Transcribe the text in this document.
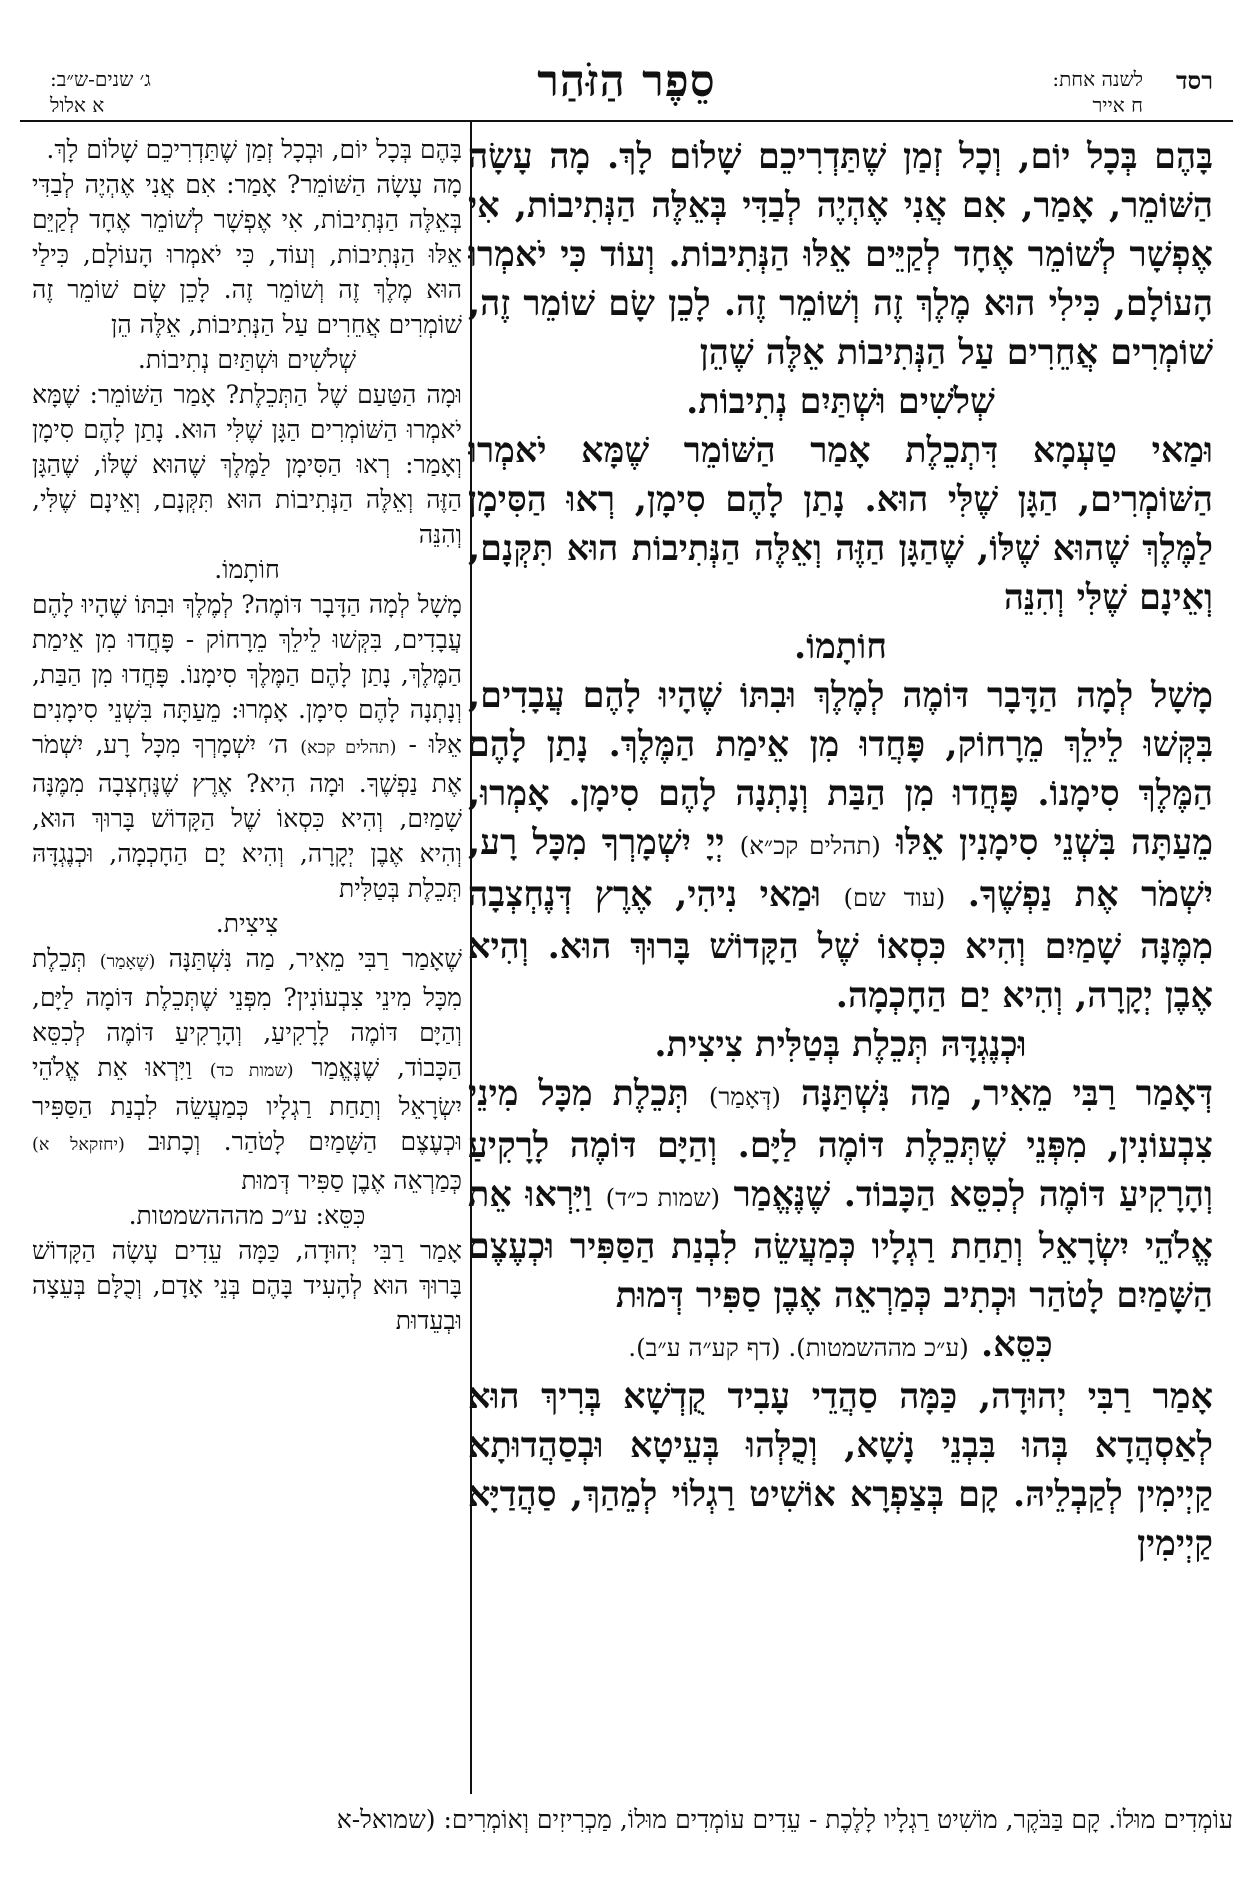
רסד
לשנה אחת:
ח אייר
סֵפֶר הַזֹּהַר
ג׳ שנים-ש״ב:
א אלול

בָּהֶם בְּכָל יוֹם, וְכָל זְמַן שֶׁתַּדְרִיכֵם שָׁלוֹם לָךְ. מָה עָשָׂה הַשּׁוֹמֵר, אָמַר, אִם אֲנִי אֶהְיֶה לְבַדִּי בְּאֵלֶּה הַנְּתִיבוֹת, אִי אֶפְשָׁר לְשׁוֹמֵר אֶחָד לְקַיֵּים אֵלּוּ הַנְּתִיבוֹת. וְעוֹד כִּי יֹאמְרוּ הָעוֹלָם, כִּילִי הוּא מֶלֶךְ זֶה וְשׁוֹמֵר זֶה. לָכֵן שָׂם שׁוֹמֵר זֶה, שׁוֹמְרִים אֲחֵרִים עַל הַנְּתִיבוֹת אֵלֶּה שֶׁהֵן

שְׁלֹשִׁים וּשְׁתַּיִם נְתִיבוֹת.

וּמַאי טַעְמָא דִּתְכֵלֶת אָמַר הַשּׁוֹמֵר שֶׁמָּא יֹאמְרוּ הַשּׁוֹמְרִים, הַגָּן שֶׁלִּי הוּא. נָתַן לָהֶם סִימָן, רְאוּ הַסִּימָן לַמֶּלֶךְ שֶׁהוּא שֶׁלּוֹ, שֶׁהַגָּן הַזֶּה וְאֵלֶּה הַנְּתִיבוֹת הוּא תִּקְּנָם, וְאֵינָם שֶׁלִּי וְהִנֵּה

חוֹתָמוֹ.

מָשָׁל לְמָה הַדָּבָר דּוֹמֶה לְמֶלֶךְ וּבִתּוֹ שֶׁהָיוּ לָהֶם עֲבָדִים, בִּקְּשׁוּ לֵילֵךְ מֵרָחוֹק, פָּחֲדוּ מִן אֵימַת הַמֶּלֶךְ. נָתַן לָהֶם הַמֶּלֶךְ סִימָנוֹ. פָּחֲדוּ מִן הַבַּת וְנָתְנָה לָהֶם סִימָן. אָמְרוּ, מֵעַתָּה בִּשְׁנֵי סִימָנִין אֵלּוּ (תהלים קכ״א) יְיָ יִשְׁמָרְךָ מִכָּל רָע, יִשְׁמֹר אֶת נַפְשֶׁךָ. (עוד שם) וּמַאי נִיהִי, אֶרֶץ דְּנֶחְצְבָה מִמֶּנָּה שָׁמַיִם וְהִיא כִּסְאוֹ שֶׁל הַקָּדוֹשׁ בָּרוּךְ הוּא. וְהִיא אֶבֶן יְקָרָה, וְהִיא יַם הַחָכְמָה.

וּכְנֶגְדָּהּ תְּכֵלֶת בְּטַלִּית צִיצִית.

דְּאָמַר רַבִּי מֵאִיר, מַה נִּשְׁתַּנָּה (דְּאָמַר) תְּכֵלֶת מִכָּל מִינֵי צִבְעוֹנִין, מִפְּנֵי שֶׁתְּכֵלֶת דּוֹמֶה לַיָּם. וְהַיָּם דּוֹמֶה לָרָקִיעַ וְהָרָקִיעַ דּוֹמֶה לְכִסֵּא הַכָּבוֹד. שֶׁנֶּאֱמַר (שמות כ״ד) וַיִּרְאוּ אֵת אֱלֹהֵי יִשְׂרָאֵל וְתַחַת רַגְלָיו כְּמַעֲשֵׂה לִבְנַת הַסַּפִּיר וּכְעֶצֶם הַשָּׁמַיִם לָטֹהַר וּכְתִיב כְּמַרְאֵה אֶבֶן סַפִּיר דְּמוּת

כִּסֵּא. (ע״כ מההשמטות). (דף קע״ה ע״ב).

אָמַר רַבִּי יְהוּדָה, כַּמָּה סַהֲדֵי עָבִיד קֻדְשָׁא בְּרִיךְ הוּא לְאַסְהֲדָא בְּהוּ בִּבְנֵי נָשָׁא, וְכֻלְּהוּ בְּעֵיטָא וּבְסַהֲדוּתָא קַיְימִין לְקַבְלֵיהּ. קָם בְּצַפְרָא אוֹשִׁיט רַגְלוֹי לְמֵהַךְ, סַהֲדַיָּא קַיְימִין

בָּהֶם בְּכָל יוֹם, וּבְכָל זְמַן שֶׁתַּדְרִיכֵם שָׁלוֹם לָךְ.

מָה עָשָׂה הַשּׁוֹמֵר? אָמַר: אִם אֲנִי אֶהְיֶה לְבַדִּי בְּאֵלֶּה הַנְּתִיבוֹת, אִי אֶפְשָׁר לְשׁוֹמֵר אֶחָד לְקַיֵּם אֵלּוּ הַנְּתִיבוֹת, וְעוֹד, כִּי יֹאמְרוּ הָעוֹלָם, כִּילַי הוּא מֶלֶךְ זֶה וְשׁוֹמֵר זֶה. לָכֵן שָׂם שׁוֹמֵר זֶה שׁוֹמְרִים אֲחֵרִים עַל הַנְּתִיבוֹת, אֵלֶּה הֵן

שְׁלֹשִׁים וּשְׁתַּיִם נְתִיבוֹת.

וּמָה הַטַּעַם שֶׁל הַתְּכֵלֶת? אָמַר הַשּׁוֹמֵר: שֶׁמָּא יֹאמְרוּ הַשּׁוֹמְרִים הַגָּן שֶׁלִּי הוּא. נָתַן לָהֶם סִימָן וְאָמַר: רְאוּ הַסִּימָן לַמֶּלֶךְ שֶׁהוּא שֶׁלּוֹ, שֶׁהַגָּן הַזֶּה וְאֵלֶּה הַנְּתִיבוֹת הוּא תִּקְּנָם, וְאֵינָם שֶׁלִּי, וְהִנֵּה

חוֹתָמוֹ.

מָשָׁל לְמָה הַדָּבָר דּוֹמֶה? לְמֶלֶךְ וּבִתּוֹ שֶׁהָיוּ לָהֶם עֲבָדִים, בִּקְּשׁוּ לֵילֵךְ מֵרָחוֹק - פָּחֲדוּ מִן אֵימַת הַמֶּלֶךְ, נָתַן לָהֶם הַמֶּלֶךְ סִימָנוֹ. פָּחֲדוּ מִן הַבַּת, וְנָתְנָה לָהֶם סִימָן. אָמְרוּ: מֵעַתָּה בִּשְׁנֵי סִימָנִים אֵלּוּ - (תהלים קכא) ה׳ יִשְׁמָרְךָ מִכָּל רָע, יִשְׁמֹר אֶת נַפְשֶׁךָ. וּמָה הִיא? אֶרֶץ שֶׁנֶּחְצְבָה מִמֶּנָּה שָׁמַיִם, וְהִיא כִּסְאוֹ שֶׁל הַקָּדוֹשׁ בָּרוּךְ הוּא, וְהִיא אֶבֶן יְקָרָה, וְהִיא יָם הַחָכְמָה, וּכְנֶגְדָּהּ תְּכֵלֶת בְּטַלִּית

צִיצִית.

שֶׁאָמַר רַבִּי מֵאִיר, מַה נִּשְׁתַּנָּה (שֶׁאָמַר) תְּכֵלֶת מִכָּל מִינֵי צִבְעוֹנִין? מִפְּנֵי שֶׁתְּכֵלֶת דּוֹמָה לַיָּם, וְהַיָּם דּוֹמֶה לָרָקִיעַ, וְהָרָקִיעַ דּוֹמֶה לְכִסֵּא הַכָּבוֹד, שֶׁנֶּאֱמַר (שמות כד) וַיִּרְאוּ אֵת אֱלֹהֵי יִשְׂרָאֵל וְתַחַת רַגְלָיו כְּמַעֲשֵׂה לִבְנַת הַסַּפִּיר וּכְעֶצֶם הַשָּׁמַיִם לָטֹהַר. וְכָתוּב (יחזקאל א) כְּמַרְאֵה אֶבֶן סַפִּיר דְּמוּת

כִּסֵּא: ע״כ מהההשמטות.

אָמַר רַבִּי יְהוּדָה, כַּמָּה עֵדִים עָשָׂה הַקָּדוֹשׁ בָּרוּךְ הוּא לְהָעִיד בָּהֶם בְּנֵי אָדָם, וְכֻלָּם בְּעֵצָה וּבְעֵדוּת

עוֹמְדִים מוּלוֹ. קָם בַּבֹּקֶר, מוֹשִׁיט רַגְלָיו לָלֶכֶת - עֵדִים עוֹמְדִים מוּלוֹ, מַכְרִיזִים וְאוֹמְרִים: (שמואל-א
